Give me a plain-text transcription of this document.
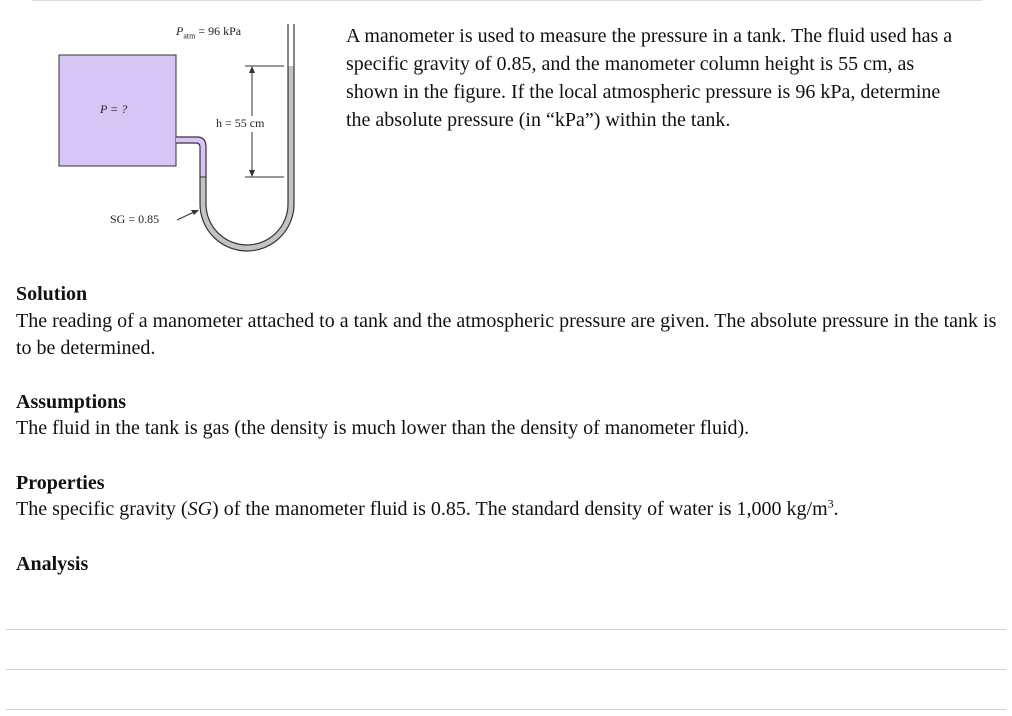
$P_{atm} = 96$ kPa
P = ?
h = 55 cm
SG = 0.85

A manometer is used to measure the pressure in a tank. The fluid used has a specific gravity of 0.85, and the manometer column height is 55 cm, as shown in the figure. If the local atmospheric pressure is 96 kPa, determine the absolute pressure (in “kPa”) within the tank.

Solution

The reading of a manometer attached to a tank and the atmospheric pressure are given. The absolute pressure in the tank is to be determined.

Assumptions

The fluid in the tank is gas (the density is much lower than the density of manometer fluid).

Properties

The specific gravity (SG) of the manometer fluid is 0.85. The standard density of water is 1,000 $kg/m^3$.

Analysis
